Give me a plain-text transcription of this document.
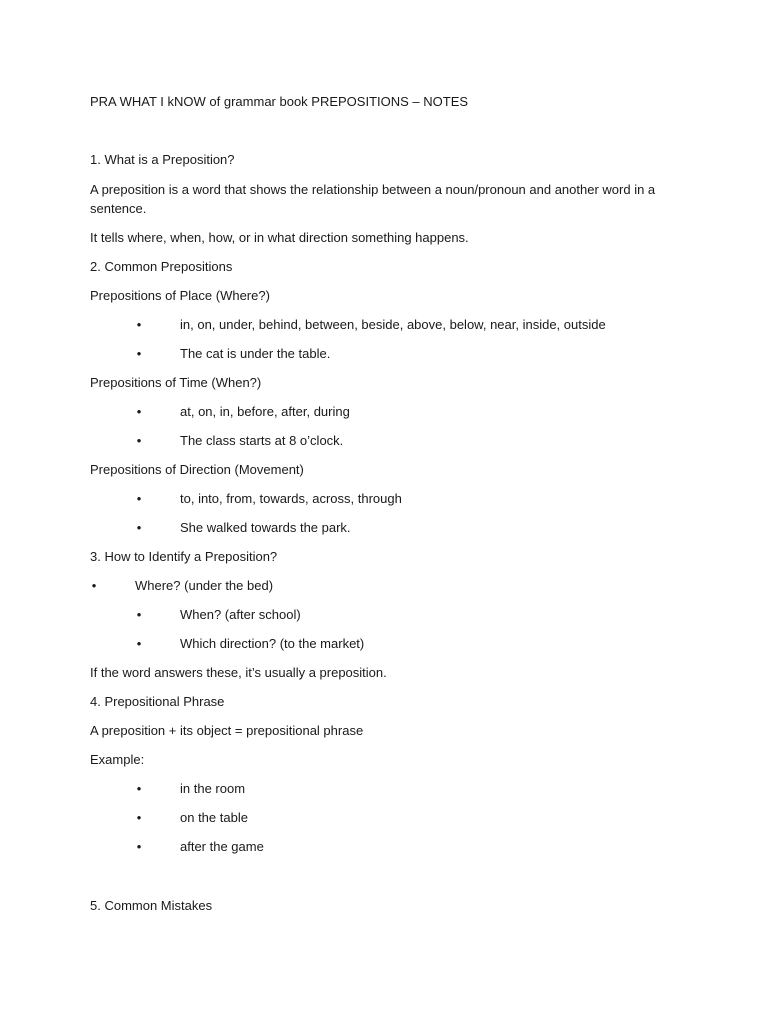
PRA WHAT I kNOW of grammar book PREPOSITIONS – NOTES
1. What is a Preposition?
A preposition is a word that shows the relationship between a noun/pronoun and another word in a sentence.
It tells where, when, how, or in what direction something happens.
2. Common Prepositions
Prepositions of Place (Where?)
•	in, on, under, behind, between, beside, above, below, near, inside, outside
•	The cat is under the table.
Prepositions of Time (When?)
•	at, on, in, before, after, during
•	The class starts at 8 o’clock.
Prepositions of Direction (Movement)
•	to, into, from, towards, across, through
•	She walked towards the park.
3. How to Identify a Preposition?
•	Where? (under the bed)
•	When? (after school)
•	Which direction? (to the market)
If the word answers these, it’s usually a preposition.
4. Prepositional Phrase
A preposition + its object = prepositional phrase
Example:
•	in the room
•	on the table
•	after the game
5. Common Mistakes
